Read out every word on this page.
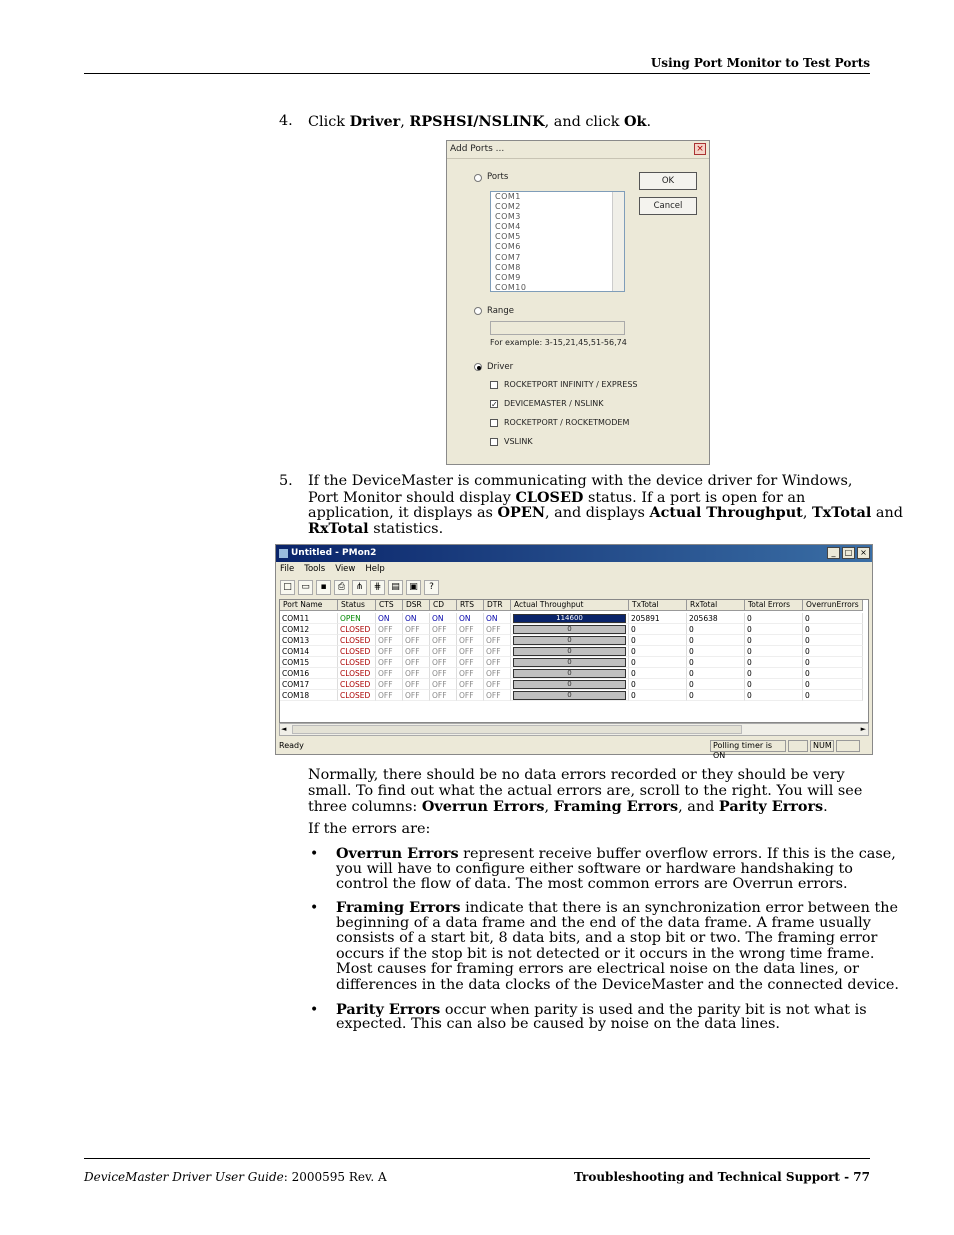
Using Port Monitor to Test Ports
4. Click Driver, RPSHSI/NSLINK, and click Ok.
Add Ports ...	×
Ports
COM1
COM2
COM3
COM4
COM5
COM6
COM7
COM8
COM9
COM10
OK
Cancel
Range
For example: 3-15,21,45,51-56,74
Driver
ROCKETPORT INFINITY / EXPRESS
✓ DEVICEMASTER / NSLINK
ROCKETPORT / ROCKETMODEM
VSLINK
5. If the DeviceMaster is communicating with the device driver for Windows,
Port Monitor should display CLOSED status. If a port is open for an
application, it displays as OPEN, and displays Actual Throughput, TxTotal and
RxTotal statistics.
Untitled - PMon2	_	□ ×
File Tools View Help
□	▭	▪	⎙	⋔	⋕	▤	▣	?
Port Name	Status	CTS	DSR	CD	RTS	DTR	Actual Throughput	TxTotal	RxTotal	Total Errors	OverrunErrors
COM11	OPEN	ON	ON	ON	ON	ON	114600	205891	205638	0	0
COM12	CLOSED	OFF	OFF	OFF	OFF	OFF	0	0	0	0	0
COM13	CLOSED	OFF	OFF	OFF	OFF	OFF	0	0	0	0	0
COM14	CLOSED	OFF	OFF	OFF	OFF	OFF	0	0	0	0	0
COM15	CLOSED	OFF	OFF	OFF	OFF	OFF	0	0	0	0	0
COM16	CLOSED	OFF	OFF	OFF	OFF	OFF	0	0	0	0	0
COM17	CLOSED	OFF	OFF	OFF	OFF	OFF	0	0	0	0	0
COM18	CLOSED	OFF	OFF	OFF	OFF	OFF	0	0	0	0	0
◄	►
Ready	Polling timer is ON
NUM
Normally, there should be no data errors recorded or they should be very
small. To find out what the actual errors are, scroll to the right. You will see
three columns: Overrun Errors, Framing Errors, and Parity Errors.
If the errors are:
• Overrun Errors represent receive buffer overflow errors. If this is the case,
you will have to configure either software or hardware handshaking to
control the flow of data. The most common errors are Overrun errors.
• Framing Errors indicate that there is an synchronization error between the
beginning of a data frame and the end of the data frame. A frame usually
consists of a start bit, 8 data bits, and a stop bit or two. The framing error
occurs if the stop bit is not detected or it occurs in the wrong time frame.
Most causes for framing errors are electrical noise on the data lines, or
differences in the data clocks of the DeviceMaster and the connected device.
• Parity Errors occur when parity is used and the parity bit is not what is
expected. This can also be caused by noise on the data lines.
DeviceMaster Driver User Guide: 2000595 Rev. A	Troubleshooting and Technical Support - 77
